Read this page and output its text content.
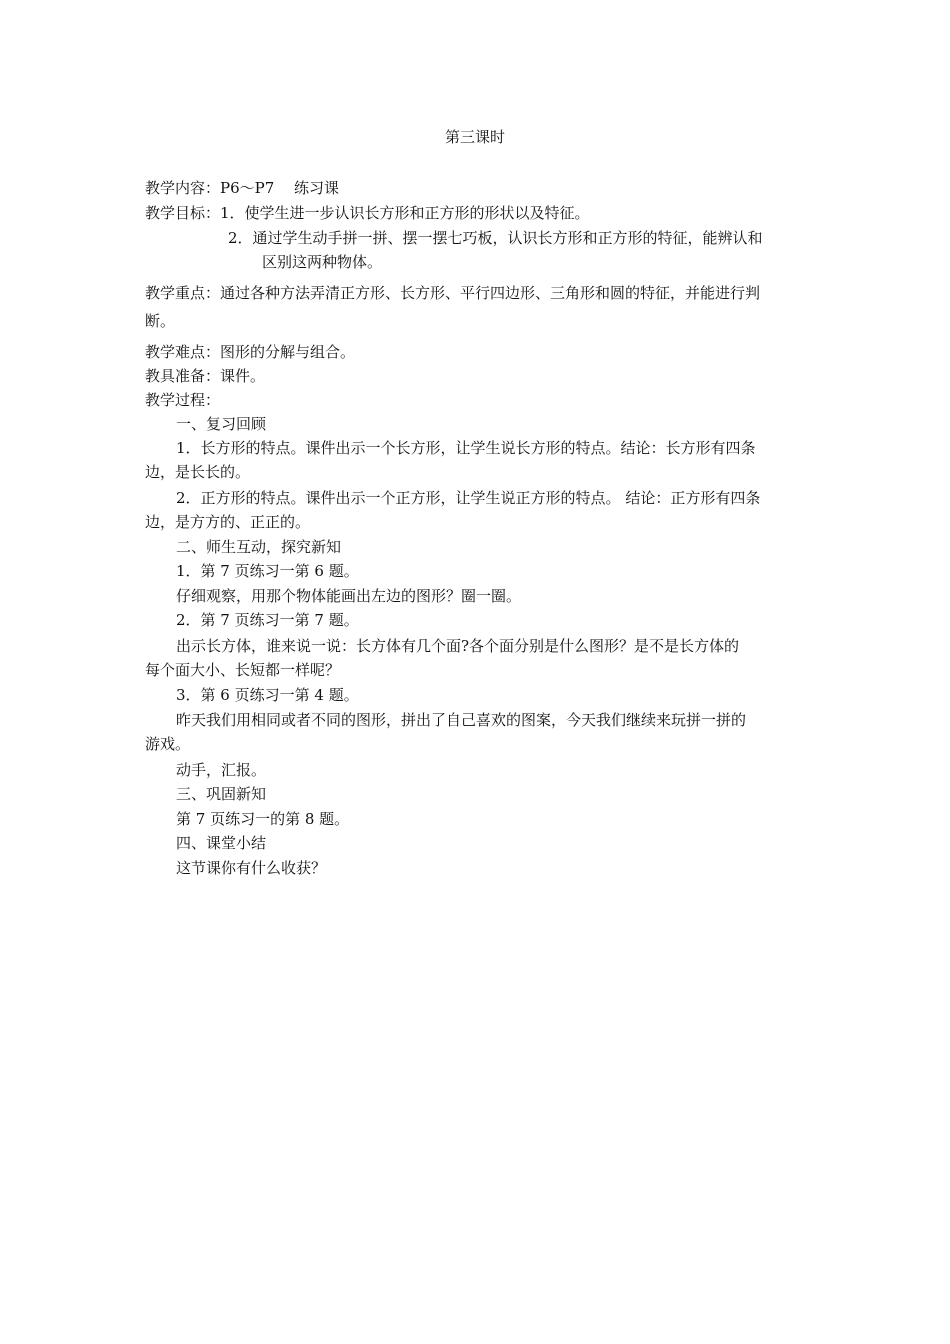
第三课时
教学内容：P6～P7　 练习课
教学目标：1．使学生进一步认识长方形和正方形的形状以及特征。
2．通过学生动手拼一拼、摆一摆七巧板，认识长方形和正方形的特征，能辨认和
区别这两种物体。
教学重点：通过各种方法弄清正方形、长方形、平行四边形、三角形和圆的特征，并能进行判
断。
教学难点：图形的分解与组合。
教具准备：课件。
教学过程：
一、复习回顾
1．长方形的特点。课件出示一个长方形，让学生说长方形的特点。结论：长方形有四条
边，是长长的。
2．正方形的特点。课件出示一个正方形，让学生说正方形的特点。 结论：正方形有四条
边，是方方的、正正的。
二、师生互动，探究新知
1．第 7 页练习一第 6 题。
仔细观察，用那个物体能画出左边的图形？圈一圈。
2．第 7 页练习一第 7 题。
出示长方体，谁来说一说：长方体有几个面?各个面分别是什么图形？是不是长方体的
每个面大小、长短都一样呢？
3．第 6 页练习一第 4 题。
昨天我们用相同或者不同的图形，拼出了自己喜欢的图案，今天我们继续来玩拼一拼的
游戏。
动手，汇报。
三、巩固新知
第 7 页练习一的第 8 题。
四、课堂小结
这节课你有什么收获？
